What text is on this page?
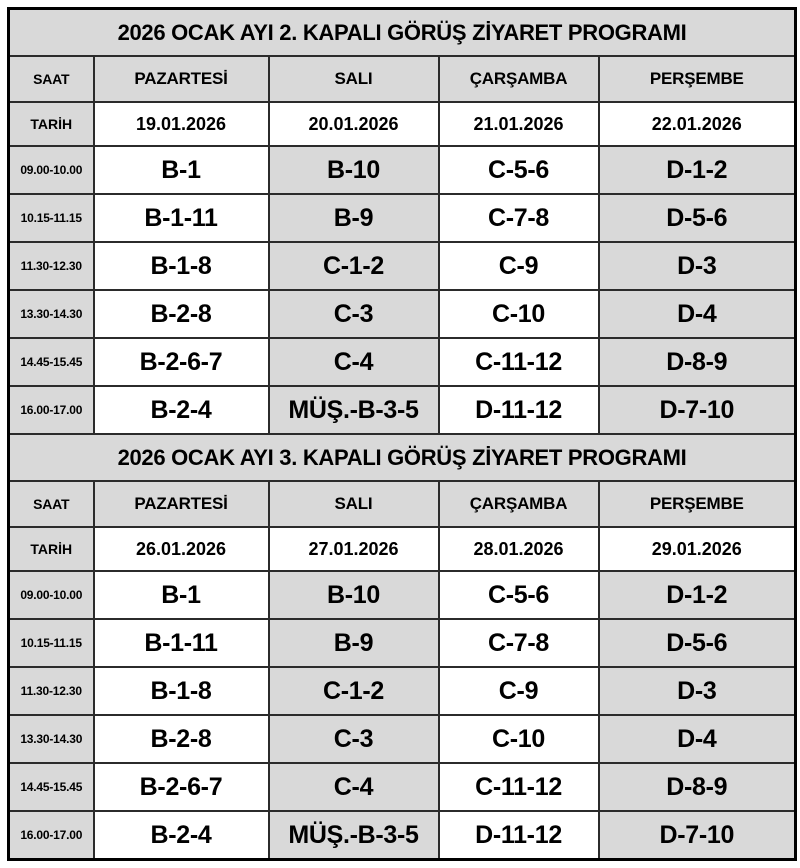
2026 OCAK AYI 2. KAPALI GÖRÜŞ ZİYARET PROGRAMI				
SAAT	PAZARTESİ	SALI	ÇARŞAMBA	PERŞEMBE
TARİH	19.01.2026	20.01.2026	21.01.2026	22.01.2026
09.00-10.00	B-1	B-10	C-5-6	D-1-2
10.15-11.15	B-1-11	B-9	C-7-8	D-5-6
11.30-12.30	B-1-8	C-1-2	C-9	D-3
13.30-14.30	B-2-8	C-3	C-10	D-4
14.45-15.45	B-2-6-7	C-4	C-11-12	D-8-9
16.00-17.00	B-2-4	MÜŞ.-B-3-5	D-11-12	D-7-10
2026 OCAK AYI 3. KAPALI GÖRÜŞ ZİYARET PROGRAMI				
SAAT	PAZARTESİ	SALI	ÇARŞAMBA	PERŞEMBE
TARİH	26.01.2026	27.01.2026	28.01.2026	29.01.2026
09.00-10.00	B-1	B-10	C-5-6	D-1-2
10.15-11.15	B-1-11	B-9	C-7-8	D-5-6
11.30-12.30	B-1-8	C-1-2	C-9	D-3
13.30-14.30	B-2-8	C-3	C-10	D-4
14.45-15.45	B-2-6-7	C-4	C-11-12	D-8-9
16.00-17.00	B-2-4	MÜŞ.-B-3-5	D-11-12	D-7-10
